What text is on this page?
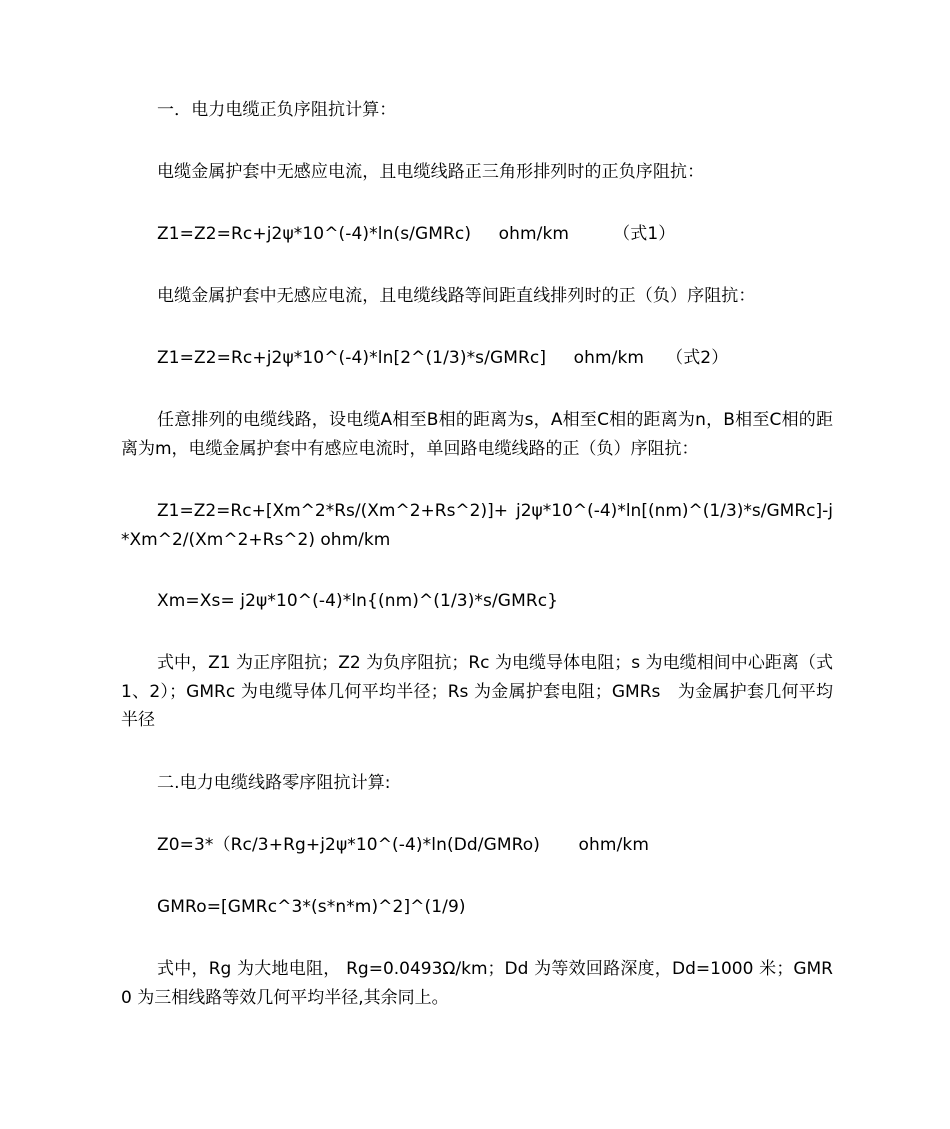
一．电力电缆正负序阻抗计算：
电缆金属护套中无感应电流，且电缆线路正三角形排列时的正负序阻抗：
Z1=Z2=Rc+j2ψ*10^(-4)*ln(s/GMRc)     ohm/km        （式1）
电缆金属护套中无感应电流，且电缆线路等间距直线排列时的正（负）序阻抗：
Z1=Z2=Rc+j2ψ*10^(-4)*ln[2^(1/3)*s/GMRc]     ohm/km    （式2）
任意排列的电缆线路，设电缆A相至B相的距离为s，A相至C相的距离为n，B相至C相的距离为m，电缆金属护套中有感应电流时，单回路电缆线路的正（负）序阻抗：
Z1=Z2=Rc+[Xm^2*Rs/(Xm^2+Rs^2)]+ j2ψ*10^(-4)*ln[(nm)^(1/3)*s/GMRc]-j*Xm^2/(Xm^2+Rs^2) ohm/km
Xm=Xs= j2ψ*10^(-4)*ln{(nm)^(1/3)*s/GMRc}
式中，Z1 为正序阻抗；Z2 为负序阻抗；Rc 为电缆导体电阻；s 为电缆相间中心距离（式1、2）；GMRc 为电缆导体几何平均半径；Rs 为金属护套电阻；GMRs　为金属护套几何平均半径
二.电力电缆线路零序阻抗计算:
Z0=3*（Rc/3+Rg+j2ψ*10^(-4)*ln(Dd/GMRo)       ohm/km
GMRo=[GMRc^3*(s*n*m)^2]^(1/9)
式中，Rg 为大地电阻， Rg=0.0493Ω/km；Dd 为等效回路深度，Dd=1000 米；GMR0 为三相线路等效几何平均半径,其余同上。
